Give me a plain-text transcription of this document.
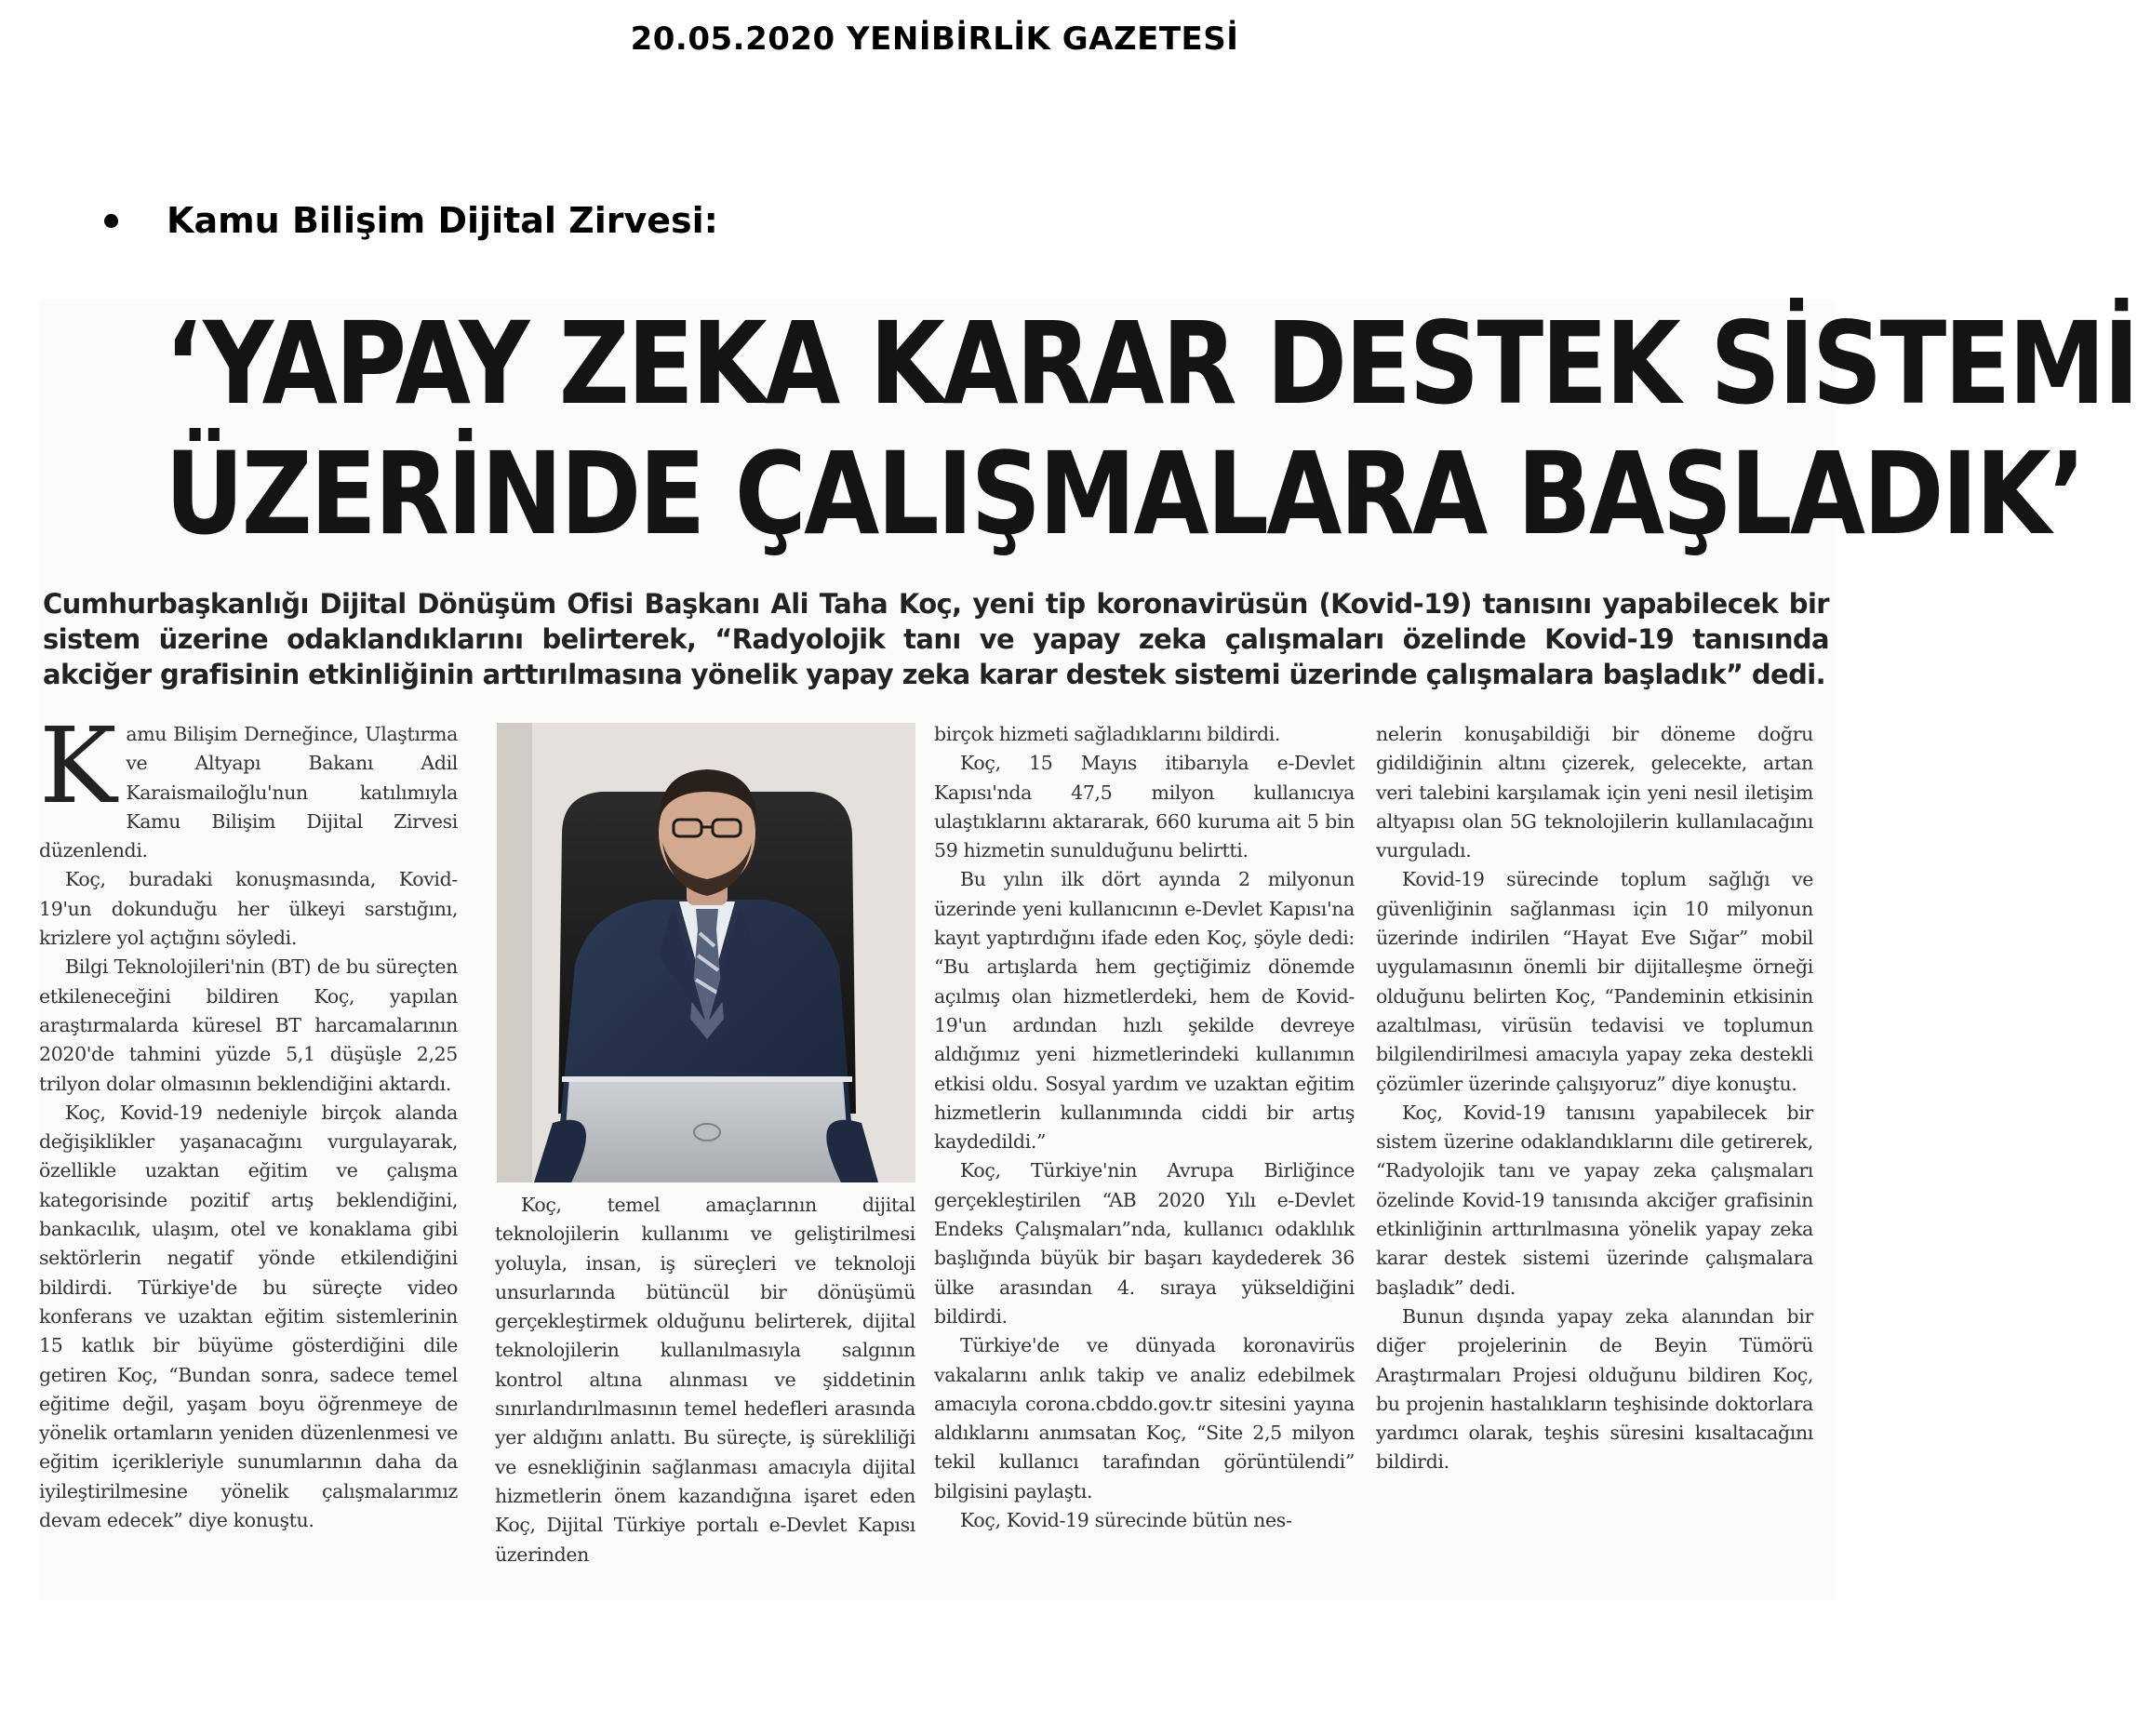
20.05.2020 YENİBİRLİK GAZETESİ
Kamu Bilişim Dijital Zirvesi:
‘YAPAY ZEKA KARAR DESTEK SİSTEMİ
ÜZERİNDE ÇALIŞMALARA BAŞLADIK’
Cumhurbaşkanlığı Dijital Dönüşüm Ofisi Başkanı Ali Taha Koç, yeni tip koronavirüsün (Kovid-19) tanısını yapabilecek bir sistem üzerine odaklandıklarını belirterek, “Radyolojik tanı ve yapay zeka çalışmaları özelinde Kovid-19 tanısında akciğer grafisinin etkinliğinin arttırılmasına yönelik yapay zeka karar destek sistemi üzerinde çalışmalara başladık” dedi.

Kamu Bilişim Derneğince, Ulaştırma ve Altyapı Bakanı Adil Karaismailoğlu'nun katılımıyla Kamu Bilişim Dijital Zirvesi düzenlendi.

Koç, buradaki konuşmasında, Kovid-19'un dokunduğu her ülkeyi sarstığını, krizlere yol açtığını söyledi.

Bilgi Teknolojileri'nin (BT) de bu süreçten etkileneceğini bildiren Koç, yapılan araştırmalarda küresel BT harcamalarının 2020'de tahmini yüzde 5,1 düşüşle 2,25 trilyon dolar olmasının beklendiğini aktardı.

Koç, Kovid-19 nedeniyle birçok alanda değişiklikler yaşanacağını vurgulayarak, özellikle uzaktan eğitim ve çalışma kategorisinde pozitif artış beklendiğini, bankacılık, ulaşım, otel ve konaklama gibi sektörlerin negatif yönde etkilendiğini bildirdi. Türkiye'de bu süreçte video konferans ve uzaktan eğitim sistemlerinin 15 katlık bir büyüme gösterdiğini dile getiren Koç, “Bundan sonra, sadece temel eğitime değil, yaşam boyu öğrenmeye de yönelik ortamların yeniden düzenlenmesi ve eğitim içerikleriyle sunumlarının daha da iyileştirilmesine yönelik çalışmalarımız devam edecek” diye konuştu.

Koç, temel amaçlarının dijital teknolojilerin kullanımı ve geliştirilmesi yoluyla, insan, iş süreçleri ve teknoloji unsurlarında bütüncül bir dönüşümü gerçekleştirmek olduğunu belirterek, dijital teknolojilerin kullanılmasıyla salgının kontrol altına alınması ve şiddetinin sınırlandırılmasının temel hedefleri arasında yer aldığını anlattı. Bu süreçte, iş sürekliliği ve esnekliğinin sağlanması amacıyla dijital hizmetlerin önem kazandığına işaret eden Koç, Dijital Türkiye portalı e-Devlet Kapısı üzerinden

birçok hizmeti sağladıklarını bildirdi.

Koç, 15 Mayıs itibarıyla e-Devlet Kapısı'nda 47,5 milyon kullanıcıya ulaştıklarını aktararak, 660 kuruma ait 5 bin 59 hizmetin sunulduğunu belirtti.

Bu yılın ilk dört ayında 2 milyonun üzerinde yeni kullanıcının e-Devlet Kapısı'na kayıt yaptırdığını ifade eden Koç, şöyle dedi: “Bu artışlarda hem geçtiğimiz dönemde açılmış olan hizmetlerdeki, hem de Kovid-19'un ardından hızlı şekilde devreye aldığımız yeni hizmetlerindeki kullanımın etkisi oldu. Sosyal yardım ve uzaktan eğitim hizmetlerin kullanımında ciddi bir artış kaydedildi.”

Koç, Türkiye'nin Avrupa Birliğince gerçekleştirilen “AB 2020 Yılı e-Devlet Endeks Çalışmaları”nda, kullanıcı odaklılık başlığında büyük bir başarı kaydederek 36 ülke arasından 4. sıraya yükseldiğini bildirdi.

Türkiye'de ve dünyada koronavirüs vakalarını anlık takip ve analiz edebilmek amacıyla corona.cbddo.gov.tr sitesini yayına aldıklarını anımsatan Koç, “Site 2,5 milyon tekil kullanıcı tarafından görüntülendi” bilgisini paylaştı.

Koç, Kovid-19 sürecinde bütün nes-

nelerin konuşabildiği bir döneme doğru gidildiğinin altını çizerek, gelecekte, artan veri talebini karşılamak için yeni nesil iletişim altyapısı olan 5G teknolojilerin kullanılacağını vurguladı.

Kovid-19 sürecinde toplum sağlığı ve güvenliğinin sağlanması için 10 milyonun üzerinde indirilen “Hayat Eve Sığar” mobil uygulamasının önemli bir dijitalleşme örneği olduğunu belirten Koç, “Pandeminin etkisinin azaltılması, virüsün tedavisi ve toplumun bilgilendirilmesi amacıyla yapay zeka destekli çözümler üzerinde çalışıyoruz” diye konuştu.

Koç, Kovid-19 tanısını yapabilecek bir sistem üzerine odaklandıklarını dile getirerek, “Radyolojik tanı ve yapay zeka çalışmaları özelinde Kovid-19 tanısında akciğer grafisinin etkinliğinin arttırılmasına yönelik yapay zeka karar destek sistemi üzerinde çalışmalara başladık” dedi.

Bunun dışında yapay zeka alanından bir diğer projelerinin de Beyin Tümörü Araştırmaları Projesi olduğunu bildiren Koç, bu projenin hastalıkların teşhisinde doktorlara yardımcı olarak, teşhis süresini kısaltacağını bildirdi.
